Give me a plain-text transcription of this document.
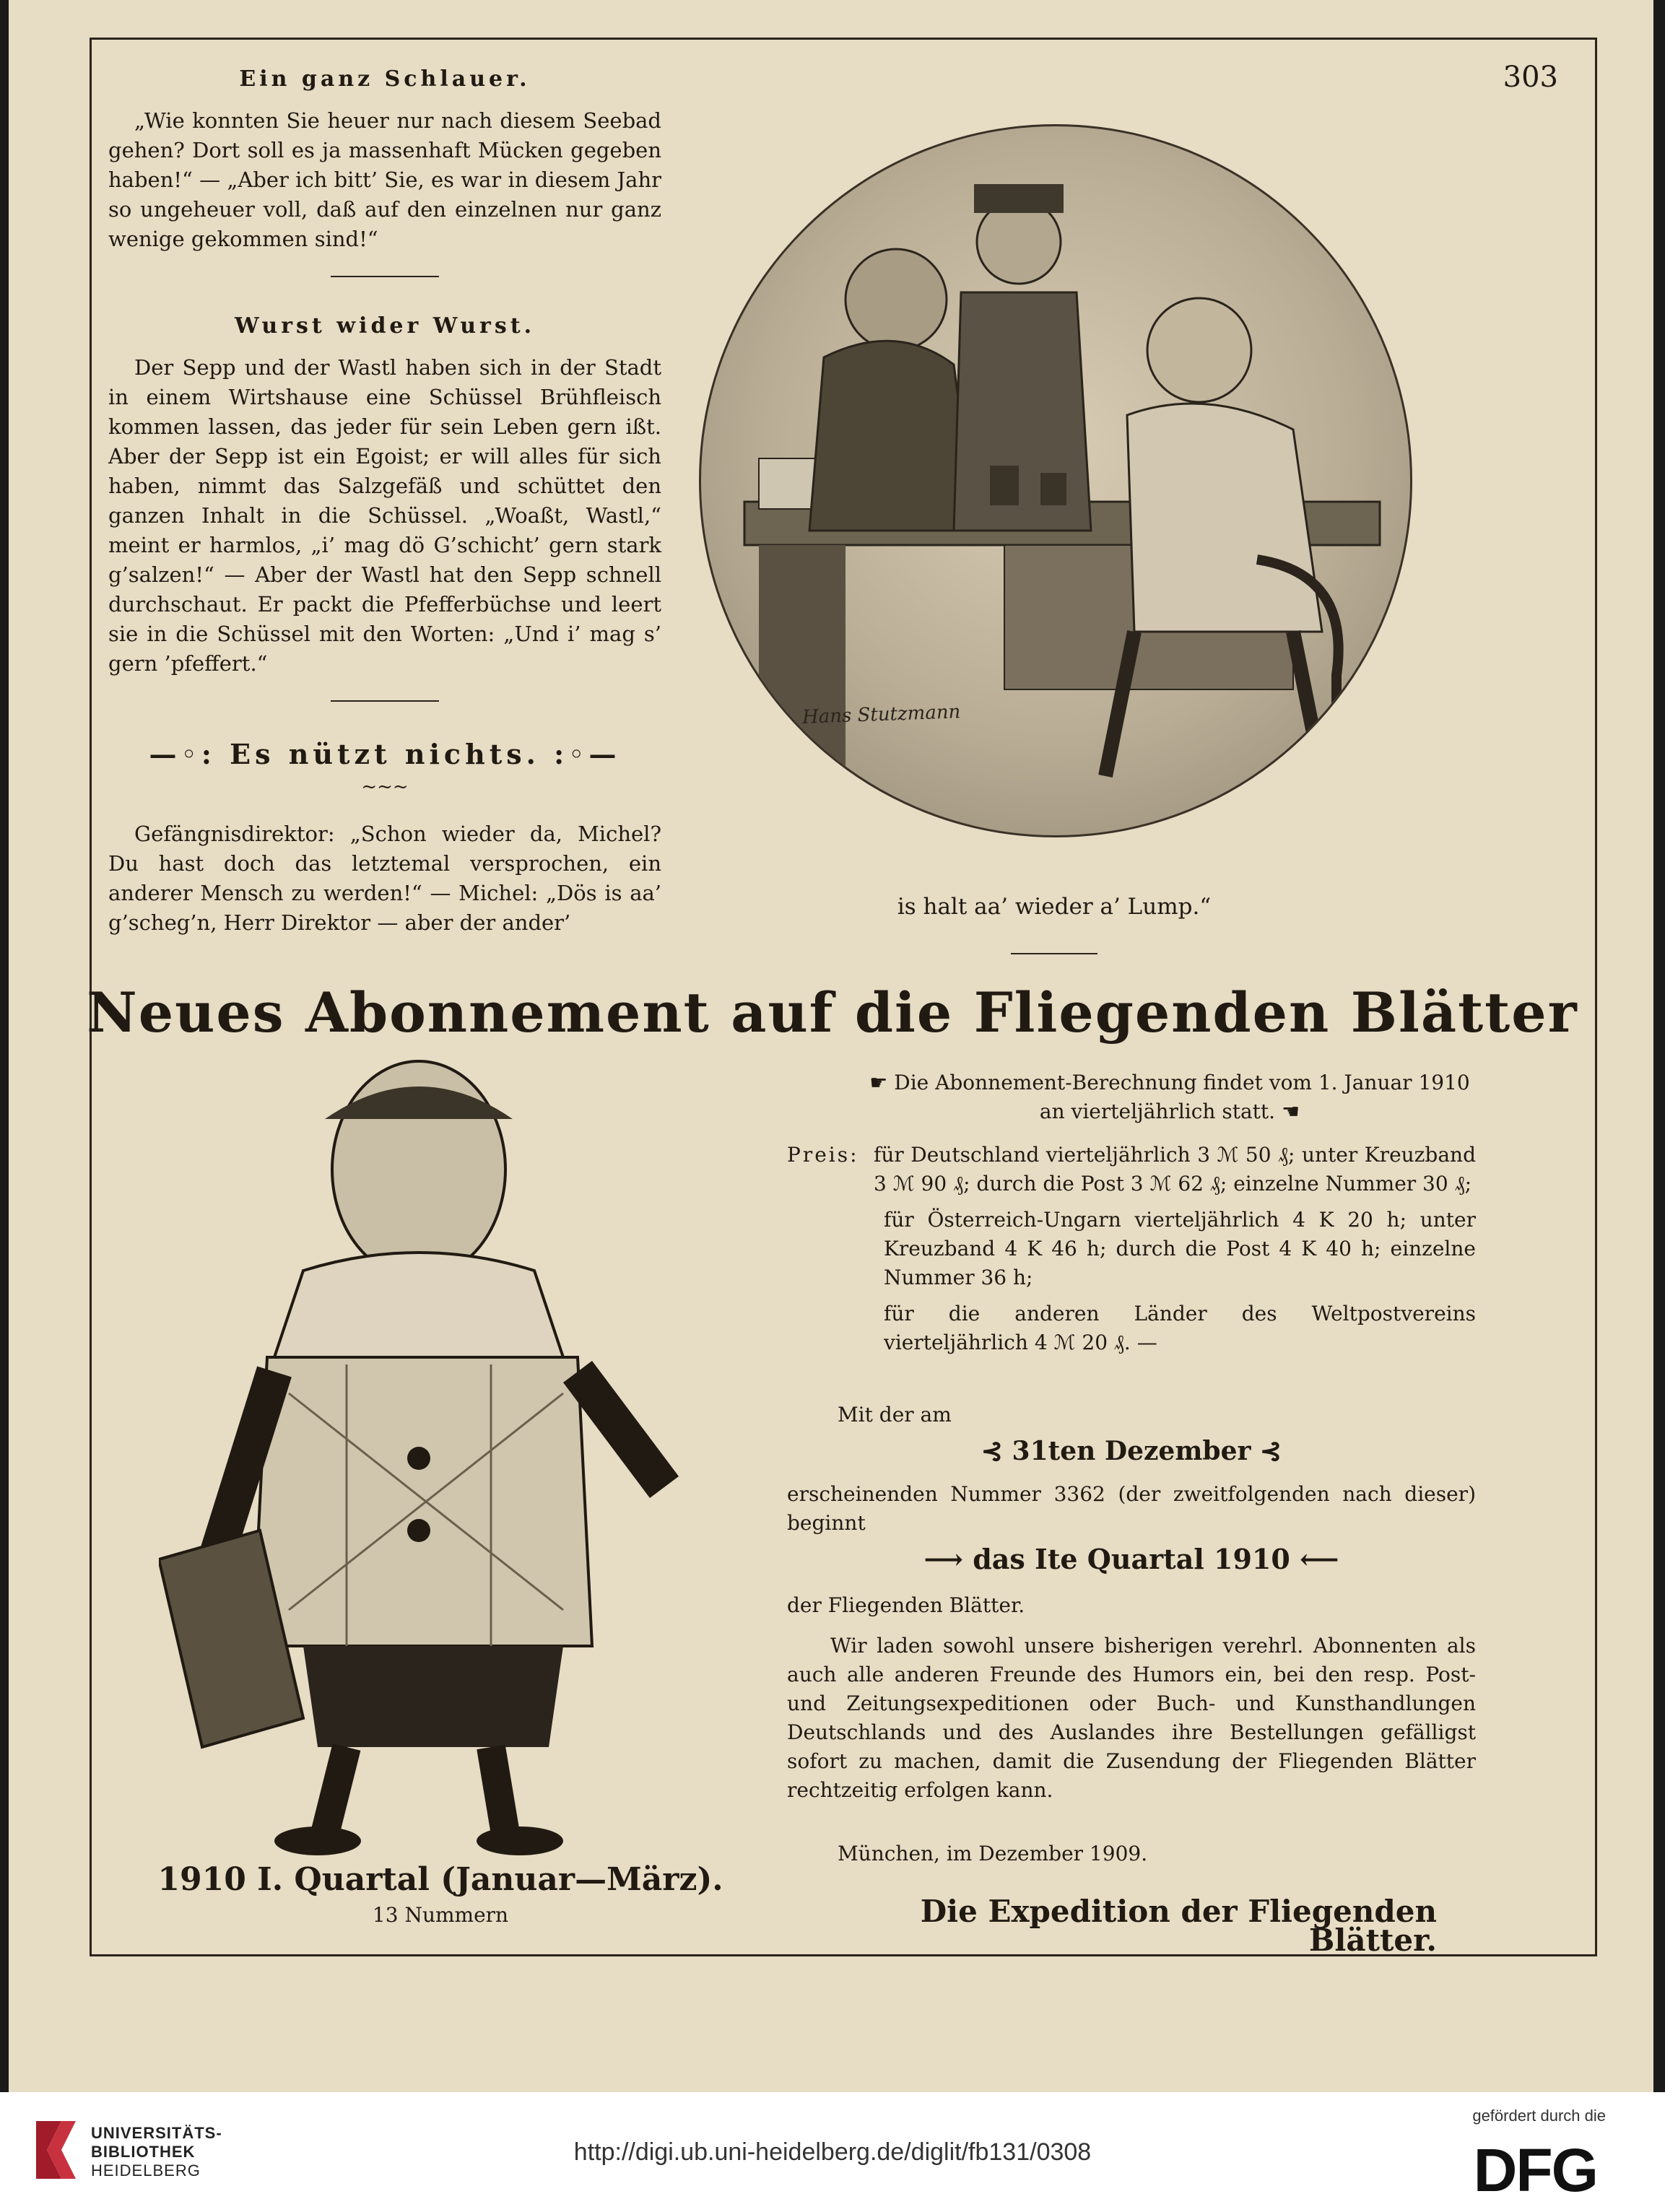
303
Ein ganz Schlauer.

„Wie konnten Sie heuer nur nach diesem Seebad gehen? Dort soll es ja massenhaft Mücken gegeben haben!“ — „Aber ich bitt’ Sie, es war in diesem Jahr so ungeheuer voll, daß auf den einzelnen nur ganz wenige gekommen sind!“

Wurst wider Wurst.

Der Sepp und der Wastl haben sich in der Stadt in einem Wirtshause eine Schüssel Brühfleisch kommen lassen, das jeder für sein Leben gern ißt. Aber der Sepp ist ein Egoist; er will alles für sich haben, nimmt das Salzgefäß und schüttet den ganzen Inhalt in die Schüssel. „Woaßt, Wastl,“ meint er harmlos, „i’ mag dö G’schicht’ gern stark g’salzen!“ — Aber der Wastl hat den Sepp schnell durchschaut. Er packt die Pfefferbüchse und leert sie in die Schüssel mit den Worten: „Und i’ mag s’ gern ’pfeffert.“

—◦: Es nützt nichts. :◦—
~~~

Gefängnisdirektor: „Schon wieder da, Michel? Du hast doch das letztemal versprochen, ein anderer Mensch zu werden!“ — Michel: „Dös is aa’ g’scheg’n, Herr Direktor — aber der ander’

Hans Stutzmann
is halt aa’ wieder a’ Lump.“
Neues Abonnement auf die Fliegenden Blätter
1910 I. Quartal (Januar—März).
13 Nummern
☛ Die Abonnement-Berechnung findet vom 1. Januar 1910 an vierteljährlich statt. ☚
Preis: für Deutschland vierteljährlich 3 ℳ 50 ₰; unter Kreuzband 3 ℳ 90 ₰; durch die Post 3 ℳ 62 ₰; einzelne Nummer 30 ₰;
für Österreich-Ungarn vierteljährlich 4 K 20 h; unter Kreuzband 4 K 46 h; durch die Post 4 K 40 h; einzelne Nummer 36 h;
für die anderen Länder des Weltpostvereins vierteljährlich 4 ℳ 20 ₰. —
Mit der am
⊰ 31ten Dezember ⊰
erscheinenden Nummer 3362 (der zweitfolgenden nach dieser) beginnt
⟶ das Ite Quartal 1910 ⟵
der Fliegenden Blätter.
Wir laden sowohl unsere bisherigen verehrl. Abonnenten als auch alle anderen Freunde des Humors ein, bei den resp. Post- und Zeitungsexpeditionen oder Buch- und Kunsthandlungen Deutschlands und des Auslandes ihre Bestellungen gefälligst sofort zu machen, damit die Zusendung der Fliegenden Blätter rechtzeitig erfolgen kann.
München, im Dezember 1909.
Die Expedition der Fliegenden Blätter.
UNIVERSITÄTS-
BIBLIOTHEK
HEIDELBERG
http://digi.ub.uni-heidelberg.de/diglit/fb131/0308
gefördert durch die
DFG
